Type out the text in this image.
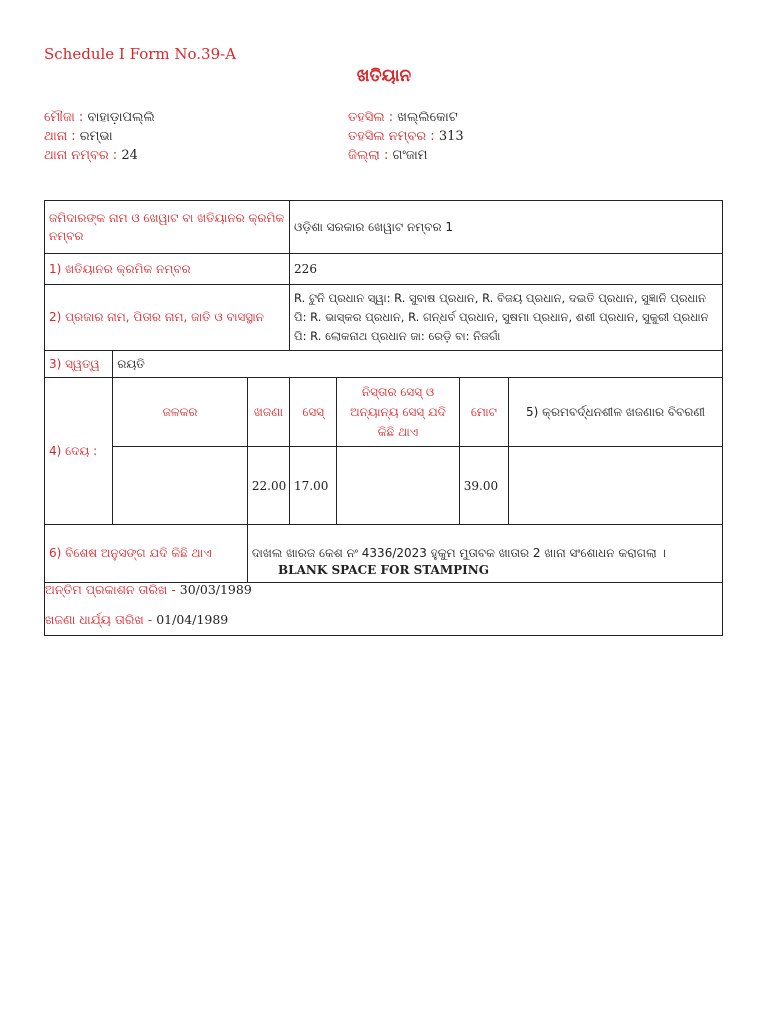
Schedule I Form No.39-A
ଖତିୟାନ
ମୌଜା : ବାହାଡ଼ାପଲ୍ଲି
ଥାନା : ରମ୍ଭା
ଥାନା ନମ୍ବର : 24
ତହସିଲ : ଖଲ୍ଲିକୋଟ
ତହସିଲ ନମ୍ବର : 313
ଜିଲ୍ଲା : ଗଂଜାମ
ଜମିଦାରଙ୍କ ନାମ ଓ ଖେୱାଟ ବା ଖତିୟାନର କ୍ରମିକ ନମ୍ବର			ଓଡ଼ିଶା ସରକାର ଖେୱାଟ ନମ୍ବର 1			
1) ଖତିୟାନର କ୍ରମିକ ନମ୍ବର			226			
2) ପ୍ରଜାର ନାମ, ପିତାର ନାମ, ଜାତି ଓ ବାସସ୍ଥାନ			R. ଟୁନି ପ୍ରଧାନ ସ୍ୱା: R. ସୁବାଷ ପ୍ରଧାନ, R. ବିଜୟ ପ୍ରଧାନ, ଦଇତି ପ୍ରଧାନ, ସୁଜ୍ଞାନି ପ୍ରଧାନ ପି: R. ଭାସ୍କର ପ୍ରଧାନ, R. ଗନ୍ଧର୍ବ ପ୍ରଧାନ, ସୁଷମା ପ୍ରଧାନ, ଶଶୀ ପ୍ରଧାନ, ସୁକୁରୀ ପ୍ରଧାନ ପି: R. ଲୋକନାଥ ପ୍ରଧାନ ଜା: ରେଡ଼ି ବା: ନିଜଗାଁ			
3) ସ୍ୱତ୍ୱ	ରୟତି					
4) ଦେୟ :	ଜଳକର	ଖଜଣା	ସେସ୍	ନିସ୍ତାର ସେସ୍ ଓ ଅନ୍ୟାନ୍ୟ ସେସ୍ ଯଦି କିଛି ଥାଏ	ମୋଟ	5) କ୍ରମବର୍ଦ୍ଧନଶୀଳ ଖଜଣାର ବିବରଣୀ
		22.00	17.00		39.00	
6) ବିଶେଷ ଅନୁସଙ୍ଗ ଯଦି କିଛି ଥାଏ		ଦାଖଲ ଖାରଜ କେଶ ନଂ 4336/2023 ହୁକୁମ ମୁତାବକ ଖାତାର 2 ଖାନା ସଂଶୋଧନ କରାଗଲା ।				
BLANK SPACE FOR STAMPING
ଅନ୍ତିମ ପ୍ରକାଶନ ତାରିଖ - 30/03/1989
ଖଜଣା ଧାର୍ଯ୍ୟ ତାରିଖ - 01/04/1989
